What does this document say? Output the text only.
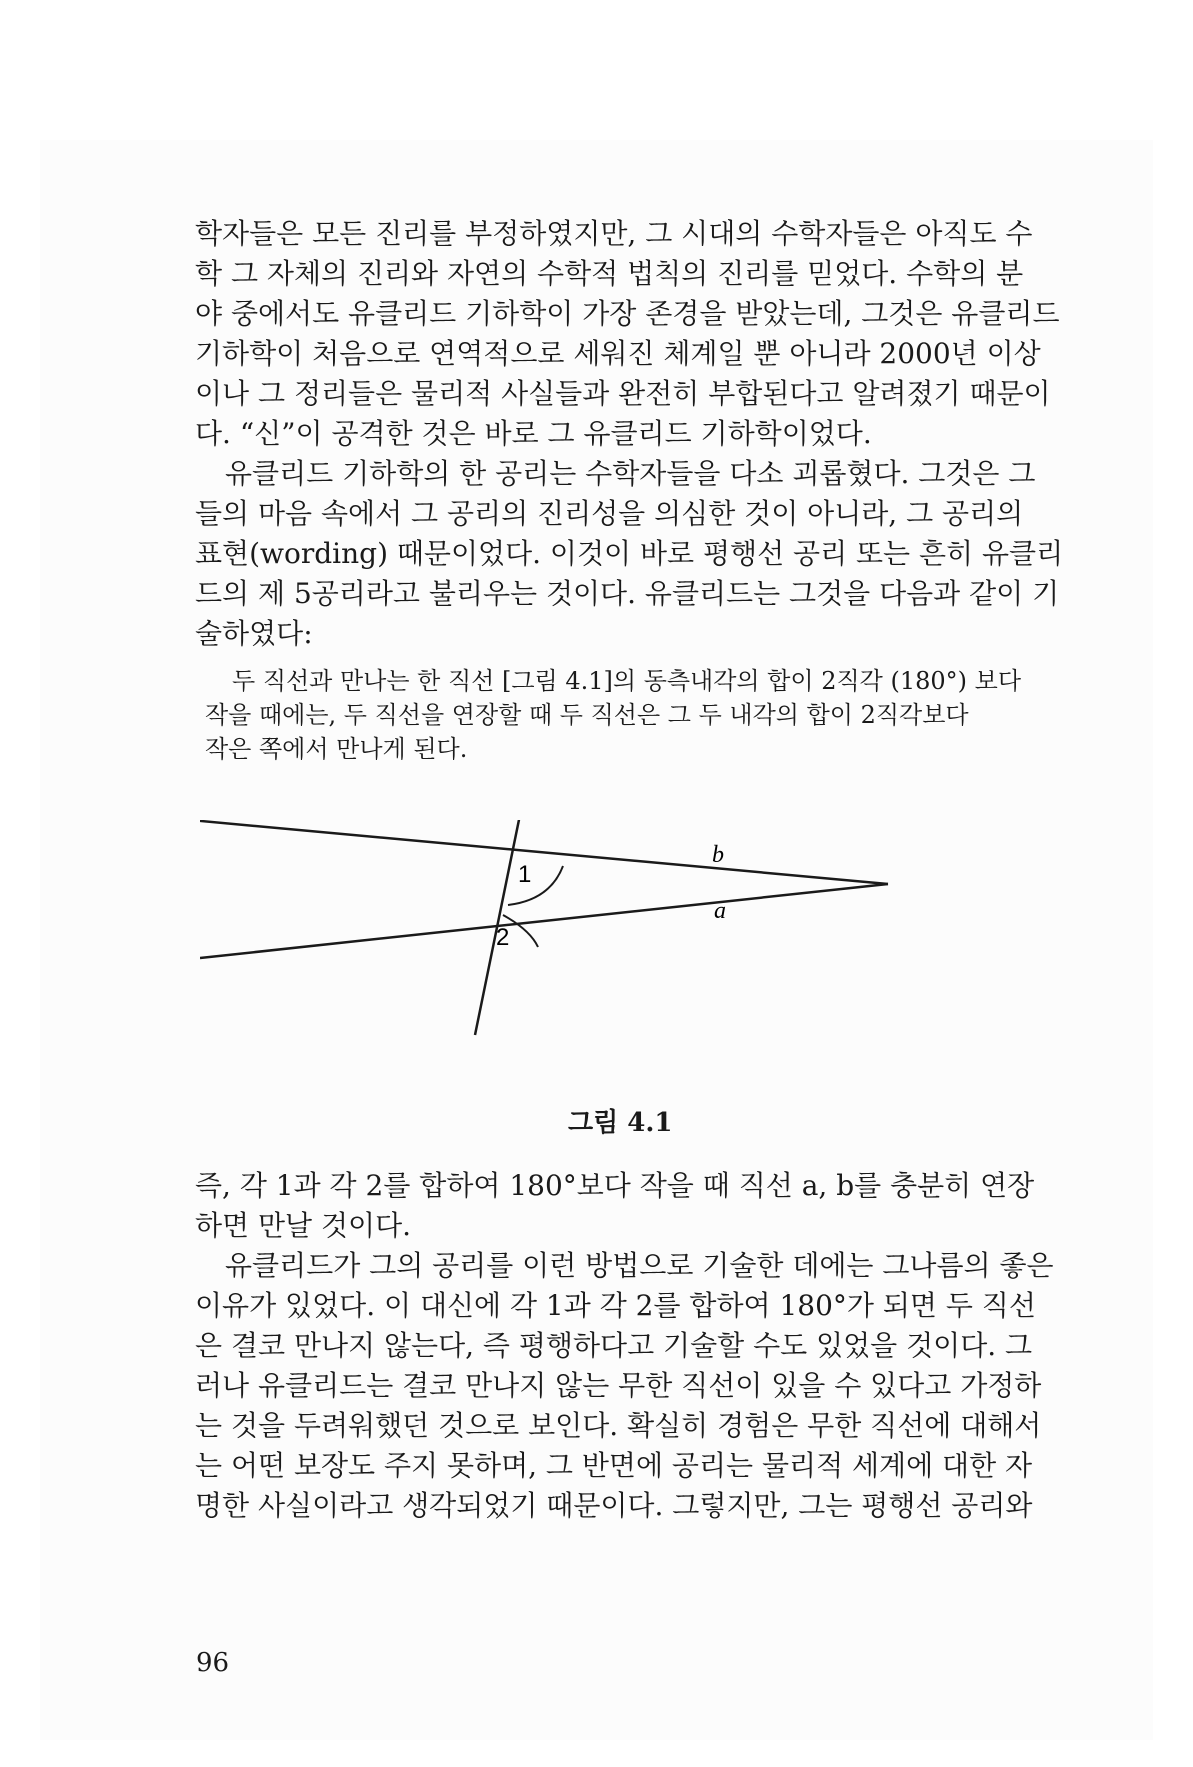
학자들은 모든 진리를 부정하였지만, 그 시대의 수학자들은 아직도 수
학 그 자체의 진리와 자연의 수학적 법칙의 진리를 믿었다. 수학의 분
야 중에서도 유클리드 기하학이 가장 존경을 받았는데, 그것은 유클리드
기하학이 처음으로 연역적으로 세워진 체계일 뿐 아니라 2000년 이상
이나 그 정리들은 물리적 사실들과 완전히 부합된다고 알려졌기 때문이
다. “신”이 공격한 것은 바로 그 유클리드 기하학이었다.
유클리드 기하학의 한 공리는 수학자들을 다소 괴롭혔다. 그것은 그
들의 마음 속에서 그 공리의 진리성을 의심한 것이 아니라, 그 공리의
표현(wording) 때문이었다. 이것이 바로 평행선 공리 또는 흔히 유클리
드의 제 5공리라고 불리우는 것이다. 유클리드는 그것을 다음과 같이 기
술하였다:
두 직선과 만나는 한 직선 [그림 4.1]의 동측내각의 합이 2직각 (180°) 보다
작을 때에는, 두 직선을 연장할 때 두 직선은 그 두 내각의 합이 2직각보다
작은 쪽에서 만나게 된다.
1
2
b
a
그림 4.1
즉, 각 1과 각 2를 합하여 180°보다 작을 때 직선 a, b를 충분히 연장
하면 만날 것이다.
유클리드가 그의 공리를 이런 방법으로 기술한 데에는 그나름의 좋은
이유가 있었다. 이 대신에 각 1과 각 2를 합하여 180°가 되면 두 직선
은 결코 만나지 않는다, 즉 평행하다고 기술할 수도 있었을 것이다. 그
러나 유클리드는 결코 만나지 않는 무한 직선이 있을 수 있다고 가정하
는 것을 두려워했던 것으로 보인다. 확실히 경험은 무한 직선에 대해서
는 어떤 보장도 주지 못하며, 그 반면에 공리는 물리적 세계에 대한 자
명한 사실이라고 생각되었기 때문이다. 그렇지만, 그는 평행선 공리와
96
